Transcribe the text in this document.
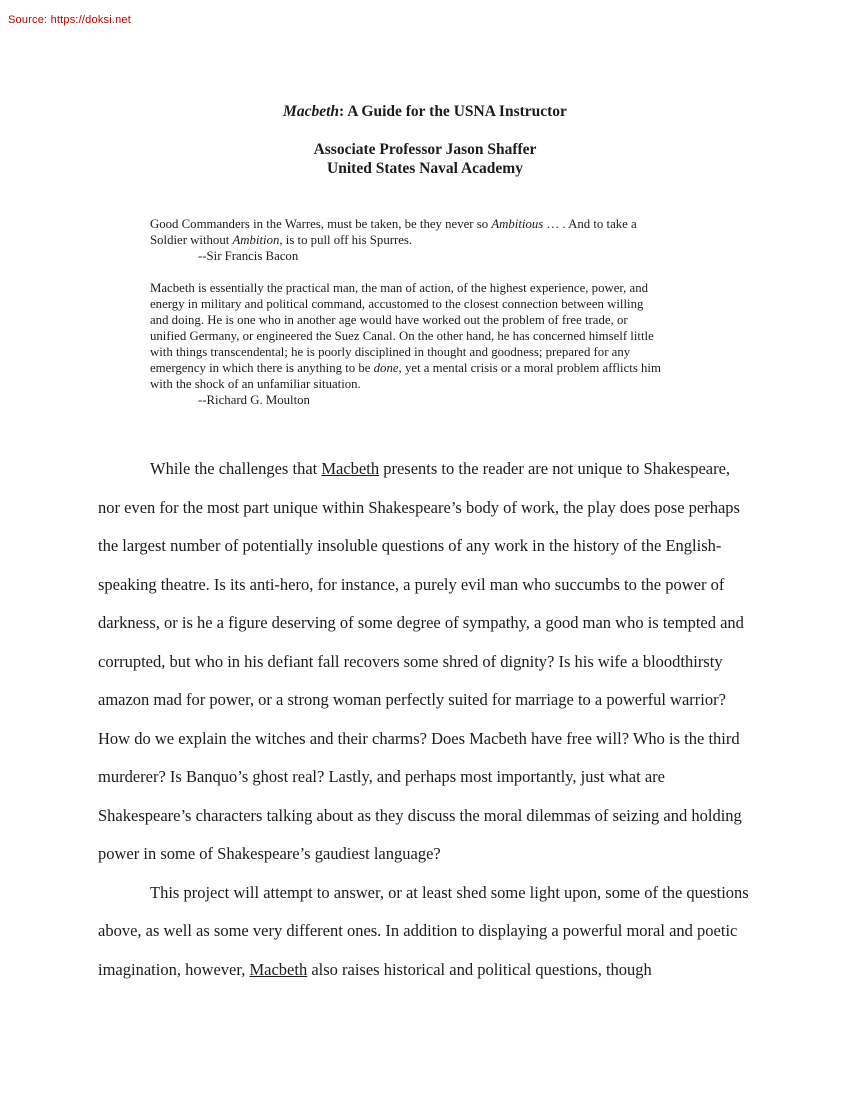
Source: https://doksi.net
Macbeth: A Guide for the USNA Instructor
Associate Professor Jason Shaffer
United States Naval Academy

Good Commanders in the Warres, must be taken, be they never so Ambitious … . And to take a Soldier without Ambition, is to pull off his Spurres.

--Sir Francis Bacon

Macbeth is essentially the practical man, the man of action, of the highest experience, power, and energy in military and political command, accustomed to the closest connection between willing and doing. He is one who in another age would have worked out the problem of free trade, or unified Germany, or engineered the Suez Canal. On the other hand, he has concerned himself little with things transcendental; he is poorly disciplined in thought and goodness; prepared for any emergency in which there is anything to be done, yet a mental crisis or a moral problem afflicts him with the shock of an unfamiliar situation.

--Richard G. Moulton

While the challenges that Macbeth presents to the reader are not unique to Shakespeare, nor even for the most part unique within Shakespeare’s body of work, the play does pose perhaps the largest number of potentially insoluble questions of any work in the history of the English-speaking theatre. Is its anti-hero, for instance, a purely evil man who succumbs to the power of darkness, or is he a figure deserving of some degree of sympathy, a good man who is tempted and corrupted, but who in his defiant fall recovers some shred of dignity? Is his wife a bloodthirsty amazon mad for power, or a strong woman perfectly suited for marriage to a powerful warrior? How do we explain the witches and their charms? Does Macbeth have free will? Who is the third murderer? Is Banquo’s ghost real? Lastly, and perhaps most importantly, just what are Shakespeare’s characters talking about as they discuss the moral dilemmas of seizing and holding power in some of Shakespeare’s gaudiest language?

This project will attempt to answer, or at least shed some light upon, some of the questions above, as well as some very different ones. In addition to displaying a powerful moral and poetic imagination, however, Macbeth also raises historical and political questions, though
